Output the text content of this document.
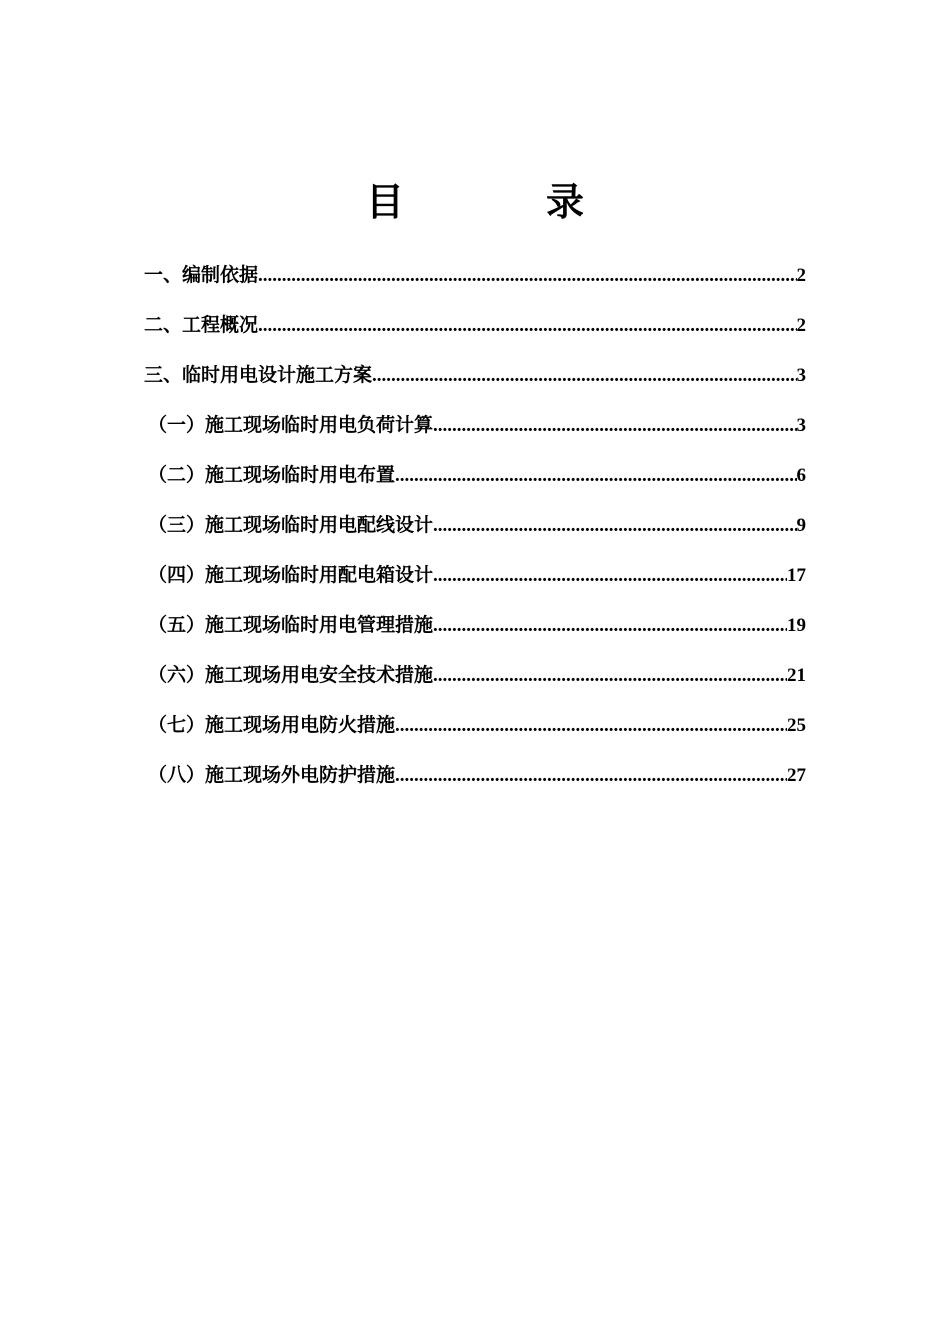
目　录
一、编制依据 .....	2
二、工程概况 .....	2
三、临时用电设计施工方案 .....	3
（一）施工现场临时用电负荷计算 .....	3
（二）施工现场临时用电布置 .....	6
（三）施工现场临时用电配线设计 .....	9
（四）施工现场临时用配电箱设计 .....	17
（五）施工现场临时用电管理措施 .....	19
（六）施工现场用电安全技术措施 .....	21
（七）施工现场用电防火措施 .....	25
（八）施工现场外电防护措施 .....	27
